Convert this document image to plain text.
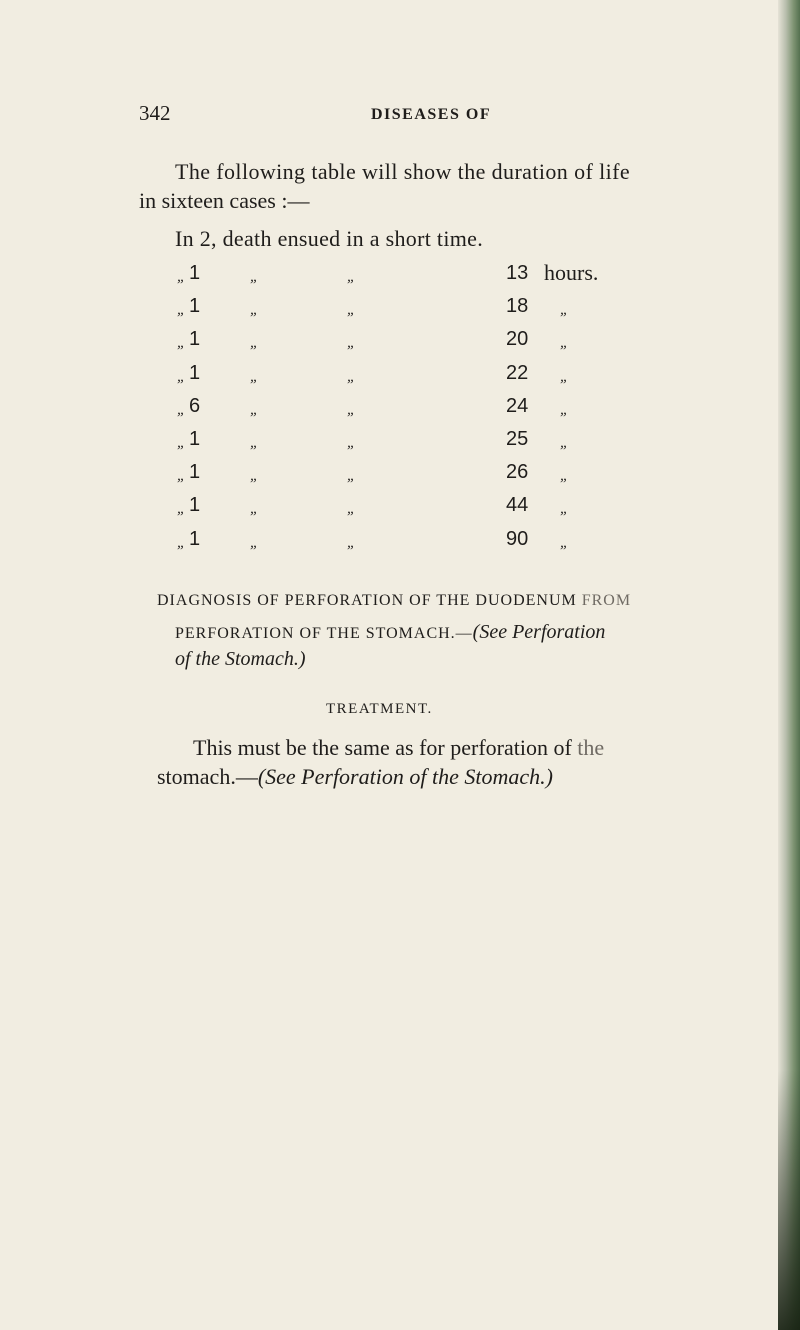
342	DISEASES OF
The following table will show the duration of life
in sixteen cases :—
In 2, death ensued in a short time.
„ 1	„	„	13 hours.
„ 1	„	„	18 „
„ 1	„	„	20 „
„ 1	„	„	22 „
„ 6	„	„	24 „
„ 1	„	„	25 „
„ 1	„	„	26 „
„ 1	„	„	44 „
„ 1	„	„	90 „
DIAGNOSIS OF PERFORATION OF THE DUODENUM FROM
PERFORATION OF THE STOMACH.—(See Perforation
of the Stomach.)
TREATMENT.
This must be the same as for perforation of the
stomach.—(See Perforation of the Stomach.)
